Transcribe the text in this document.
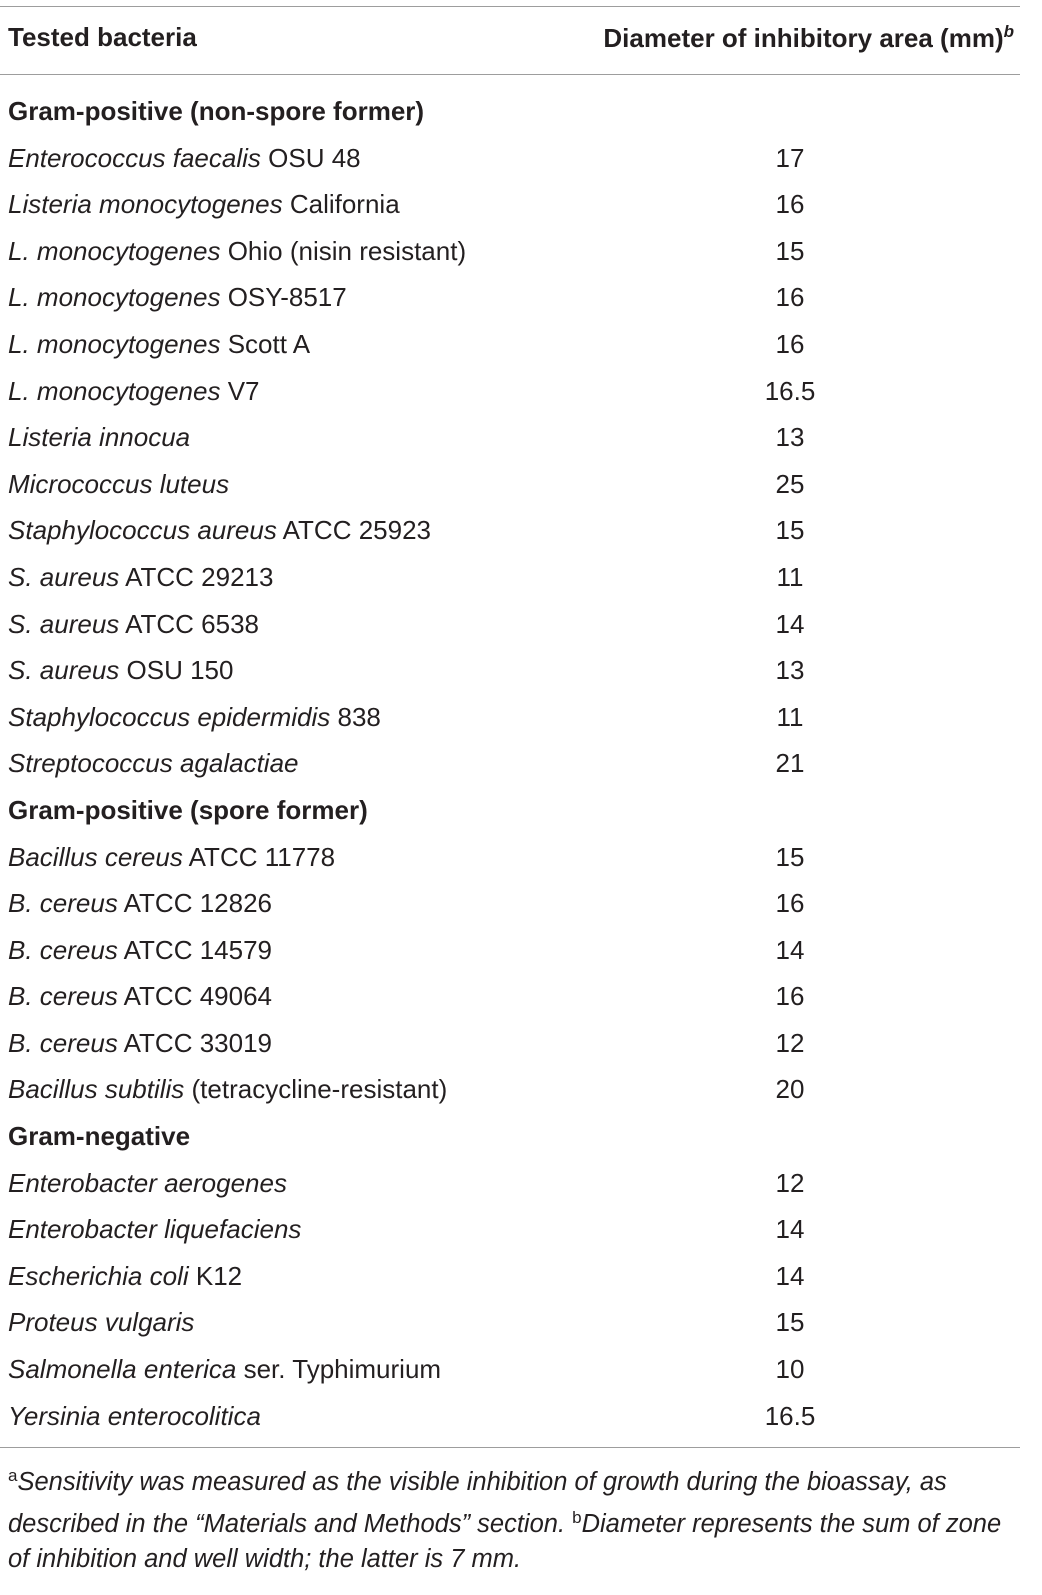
Tested bacteria	Diameter of inhibitory area (mm)$^b$
Gram-positive (non-spore former)
Enterococcus faecalis OSU 48	17
Listeria monocytogenes California	16
L. monocytogenes Ohio (nisin resistant)	15
L. monocytogenes OSY-8517	16
L. monocytogenes Scott A	16
L. monocytogenes V7	16.5
Listeria innocua	13
Micrococcus luteus	25
Staphylococcus aureus ATCC 25923	15
S. aureus ATCC 29213	11
S. aureus ATCC 6538	14
S. aureus OSU 150	13
Staphylococcus epidermidis 838	11
Streptococcus agalactiae	21
Gram-positive (spore former)
Bacillus cereus ATCC 11778	15
B. cereus ATCC 12826	16
B. cereus ATCC 14579	14
B. cereus ATCC 49064	16
B. cereus ATCC 33019	12
Bacillus subtilis (tetracycline-resistant)	20
Gram-negative
Enterobacter aerogenes	12
Enterobacter liquefaciens	14
Escherichia coli K12	14
Proteus vulgaris	15
Salmonella enterica ser. Typhimurium	10
Yersinia enterocolitica	16.5
$^a$Sensitivity was measured as the visible inhibition of growth during the bioassay, as described in the “Materials and Methods” section. $^b$Diameter represents the sum of zone of inhibition and well width; the latter is 7 mm.
